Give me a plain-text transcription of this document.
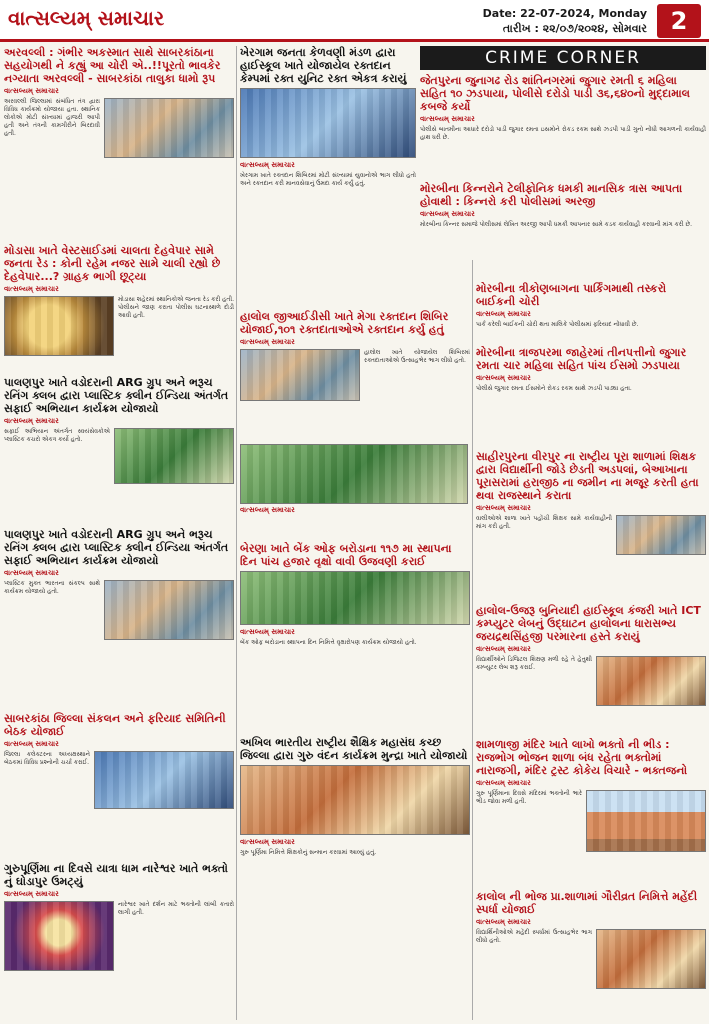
વાત્સલ્યમ્ સમાચાર	Date: 22-07-2024, Monday
તારીખ : ૨૨/૦૭/૨૦૨૪, સોમવાર 2
CRIME CORNER
અરવલ્લી : ગંભીર અકસ્માત સાથે સાબરકાંઠાના સહયોગથી ને કહ્યું આ ચોરી એ..!!પૂરતો ભાવકેર નગ્યાતા અરવલ્લી - સાબરકાંઠા તાલુકા ધામો રૂપ
વાત્સલ્યમ્ સમાચાર
અરવલ્લી જિલ્લામાં સંબંધિત તંત્ર દ્વારા વિવિધ કાર્યક્રમો યોજાયા હતા. સ્થાનિક લોકોએ મોટી સંખ્યામાં હાજરી આપી હતી અને તંત્રની કામગીરીને બિરદાવી હતી.
મોડાસા ખાતે વેસ્ટસાઈડમાં ચાલતા દેહવેપાર સામે જનતા રેડ : કોની રહેમ નજર સામે ચાલી રહ્યો છે દેહવેપાર...? ગ્રાહક ભાગી છૂટ્યા
વાત્સલ્યમ્ સમાચાર
મોડાસા શહેરમાં સ્થાનિકોએ જનતા રેડ કરી હતી. પોલીસને જાણ કરાતા પોલીસ ઘટનાસ્થળે દોડી આવી હતી.
પાલણપુર ખાતે વડોદરાની ARG ગ્રુપ અને ભરૂચ રનિંગ ક્લબ દ્વારા પ્લાસ્ટિક ક્લીન ઈન્ડિયા અંતર્ગત સફાઈ અભિયાન કાર્યક્રમ યોજાયો
વાત્સલ્યમ્ સમાચાર
સફાઈ અભિયાન અંતર્ગત સ્વયંસેવકોએ પ્લાસ્ટિક કચરો એકત્ર કર્યો હતો.
પાલણપુર ખાતે વડોદરાની ARG ગ્રુપ અને ભરૂચ રનિંગ ક્લબ દ્વારા પ્લાસ્ટિક ક્લીન ઈન્ડિયા અંતર્ગત સફાઈ અભિયાન કાર્યક્રમ યોજાયો
વાત્સલ્યમ્ સમાચાર
પ્લાસ્ટિક મુક્ત ભારતના સંકલ્પ સાથે કાર્યક્રમ યોજાયો હતો.
સાબરકાંઠા જિલ્લા સંકલન અને ફરિયાદ સમિતિની બેઠક યોજાઈ
વાત્સલ્યમ્ સમાચાર
જિલ્લા કલેક્ટરના અધ્યક્ષસ્થાને બેઠકમાં વિવિધ પ્રશ્નોની ચર્ચા કરાઈ.
ગુરુપૂર્ણિમા ના દિવસે યાત્રા ધામ નારેશ્વર ખાતે ભક્તો નું ઘોડાપુર ઉમટ્યું
વાત્સલ્યમ્ સમાચાર
નારેશ્વર ખાતે દર્શન માટે ભક્તોની લાંબી કતારો લાગી હતી.
ખેરગામ જનતા કેળવણી મંડળ દ્વારા હાઈસ્કૂલ ખાતે યોજાયેલ રક્તદાન કેમ્પમાં રક્ત યુનિટ રક્ત એકત્ર કરાયું
વાત્સલ્યમ્ સમાચાર
ખેરગામ ખાતે રક્તદાન શિબિરમાં મોટી સંખ્યામાં યુવાનોએ ભાગ લીધો હતો અને રક્તદાન કરી માનવસેવાનું ઉમદા કાર્ય કર્યું હતું.
હાલોલ જીઆઈડીસી ખાતે મેગા રક્તદાન શિબિર યોજાઈ,૧૦૧ રક્તદાતાઓએ રક્તદાન કર્યુ હતું
વાત્સલ્યમ્ સમાચાર
હાલોલ ખાતે યોજાયેલ શિબિરમાં રક્તદાતાઓએ ઉત્સાહભેર ભાગ લીધો હતો.
વાત્સલ્યમ્ સમાચાર
બેરણા ખાતે બેંક ઓફ બરોડાના ૧૧૭ મા સ્થાપના દિન પાંચ હજાર વૃક્ષો વાવી ઉજવણી કરાઈ
વાત્સલ્યમ્ સમાચાર
બેંક ઓફ બરોડાના સ્થાપના દિન નિમિત્તે વૃક્ષારોપણ કાર્યક્રમ યોજાયો હતો.
અખિલ ભારતીય રાષ્ટ્રીય શૈક્ષિક મહાસંઘ કચ્છ જિલ્લા દ્વારા ગુરુ વંદન કાર્યક્રમ મુન્દ્રા ખાતે યોજાયો
વાત્સલ્યમ્ સમાચાર
ગુરુ પૂર્ણિમા નિમિત્તે શિક્ષકોનું સન્માન કરવામાં આવ્યું હતું.
જેતપુરના જુનાગઢ રોડ શાંતિનગરમાં જુગાર રમતી ૬ મહિલા સહિત ૧૦ ઝડપાયા, પોલીસે દરોડો પાડી ૩૬,૬૪૦નો મુદ્દામાલ કબજે કર્યો
વાત્સલ્યમ્ સમાચાર
પોલીસે બાતમીના આધારે દરોડો પાડી જુગાર રમતા ઇસમોને રોકડ રકમ સાથે ઝડપી પાડી ગુનો નોંધી આગળની કાર્યવાહી હાથ ધરી છે.
મોરબીના કિન્નરોને ટેલીફોનિક ધમકી માનસિક ત્રાસ આપતા હોવાથી : કિન્નરો કરી પોલીસમાં અરજી
વાત્સલ્યમ્ સમાચાર
મોરબીના કિન્નર સમાજે પોલીસમાં લેખિત અરજી આપી ધમકી આપનાર સામે કડક કાર્યવાહી કરવાની માંગ કરી છે.
મોરબીના ત્રીકોણબાગના પાર્કિંગમાથી તસ્કરો બાઈકની ચોરી
વાત્સલ્યમ્ સમાચાર
પાર્ક કરેલી બાઈકની ચોરી થતા માલિકે પોલીસમાં ફરિયાદ નોંધાવી છે.
મોરબીના ત્રાજપરમા જાહેરમાં તીનપત્તીનો જુગાર રમતા ચાર મહિલા સહિત પાંચ ઈસમો ઝડપાયા
વાત્સલ્યમ્ સમાચાર
પોલીસે જુગાર રમતા ઈસમોને રોકડ રકમ સાથે ઝડપી પાડ્યા હતા.
સાહીરપુરના વીરપુર ના રાષ્ટ્રીય પૂરા શાળામાં શિક્ષક દ્વારા વિદ્યાર્થીની જોડે છેડતી અડપલાં, બેઆખાના પૂરાસરામાં હરાજીઠ ના જમીન ના મજૂર કરતી હતા થવા રાજસ્થાને કરાતા
વાત્સલ્યમ્ સમાચાર
વાલીઓએ શાળા ખાતે પહોંચી શિક્ષક સામે કાર્યવાહીની માંગ કરી હતી.
હાલોલ-ઉજરૂ બુનિયાદી હાઈસ્કૂલ કંજરી ખાતે ICT કમ્પ્યુટર લેબનું ઉદ્ઘાટન હાલોલના ધારાસભ્ય જયદ્રથસિંહજી પરમારના હસ્તે કરાયું
વાત્સલ્યમ્ સમાચાર
વિદ્યાર્થીઓને ડિજિટલ શિક્ષણ મળી રહે તે હેતુથી કમ્પ્યુટર લેબ શરૂ કરાઈ.
શામળાજી મંદિર ખાતે લાખો ભક્તો ની ભીડ : રાજભોગ ભોજન શાળા બંધ રહેતા ભક્તોમાં નારાજગી, મંદિર ટ્રસ્ટ કોકેય વિચારે - ભક્તજનો
વાત્સલ્યમ્ સમાચાર
ગુરુ પૂર્ણિમાના દિવસે મંદિરમાં ભક્તોની ભારે ભીડ જોવા મળી હતી.
કાલોલ ની ભોજ પ્રા.શાળામાં ગૌરીવ્રત નિમિત્તે મહેંદી સ્પર્ધા યોજાઈ
વાત્સલ્યમ્ સમાચાર
વિદ્યાર્થિનીઓએ મહેંદી સ્પર્ધામાં ઉત્સાહભેર ભાગ લીધો હતો.
